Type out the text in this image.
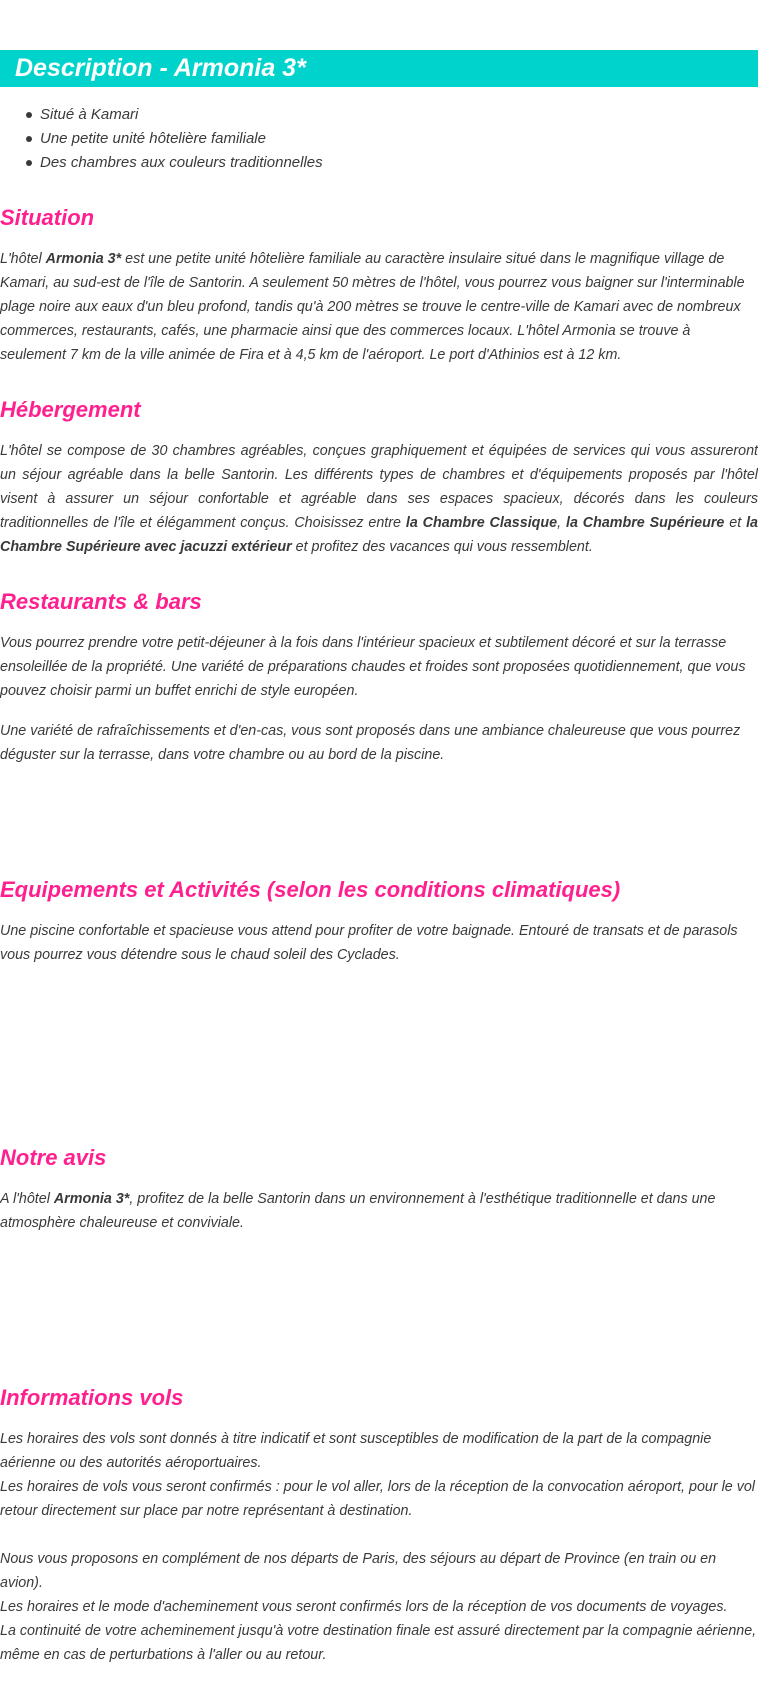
Description - Armonia 3*
Situé à Kamari
Une petite unité hôtelière familiale
Des chambres aux couleurs traditionnelles
Situation

L'hôtel Armonia 3* est une petite unité hôtelière familiale au caractère insulaire situé dans le magnifique village de Kamari, au sud-est de l'île de Santorin. A seulement 50 mètres de l'hôtel, vous pourrez vous baigner sur l'interminable plage noire aux eaux d'un bleu profond, tandis qu'à 200 mètres se trouve le centre-ville de Kamari avec de nombreux commerces, restaurants, cafés, une pharmacie ainsi que des commerces locaux. L'hôtel Armonia se trouve à seulement 7 km de la ville animée de Fira et à 4,5 km de l'aéroport. Le port d'Athinios est à 12 km.

Hébergement

L'hôtel se compose de 30 chambres agréables, conçues graphiquement et équipées de services qui vous assureront un séjour agréable dans la belle Santorin. Les différents types de chambres et d'équipements proposés par l'hôtel visent à assurer un séjour confortable et agréable dans ses espaces spacieux, décorés dans les couleurs traditionnelles de l'île et élégamment conçus. Choisissez entre la Chambre Classique, la Chambre Supérieure et la Chambre Supérieure avec jacuzzi extérieur et profitez des vacances qui vous ressemblent.

Restaurants & bars

Vous pourrez prendre votre petit-déjeuner à la fois dans l'intérieur spacieux et subtilement décoré et sur la terrasse ensoleillée de la propriété. Une variété de préparations chaudes et froides sont proposées quotidiennement, que vous pouvez choisir parmi un buffet enrichi de style européen.

Une variété de rafraîchissements et d'en-cas, vous sont proposés dans une ambiance chaleureuse que vous pourrez déguster sur la terrasse, dans votre chambre ou au bord de la piscine.

Equipements et Activités (selon les conditions climatiques)

Une piscine confortable et spacieuse vous attend pour profiter de votre baignade. Entouré de transats et de parasols vous pourrez vous détendre sous le chaud soleil des Cyclades.

Notre avis

A l'hôtel Armonia 3*, profitez de la belle Santorin dans un environnement à l'esthétique traditionnelle et dans une atmosphère chaleureuse et conviviale.

Informations vols

Les horaires des vols sont donnés à titre indicatif et sont susceptibles de modification de la part de la compagnie aérienne ou des autorités aéroportuaires.
Les horaires de vols vous seront confirmés : pour le vol aller, lors de la réception de la convocation aéroport, pour le vol retour directement sur place par notre représentant à destination.

Nous vous proposons en complément de nos départs de Paris, des séjours au départ de Province (en train ou en avion).
Les horaires et le mode d'acheminement vous seront confirmés lors de la réception de vos documents de voyages.
La continuité de votre acheminement jusqu'à votre destination finale est assuré directement par la compagnie aérienne, même en cas de perturbations à l'aller ou au retour.
